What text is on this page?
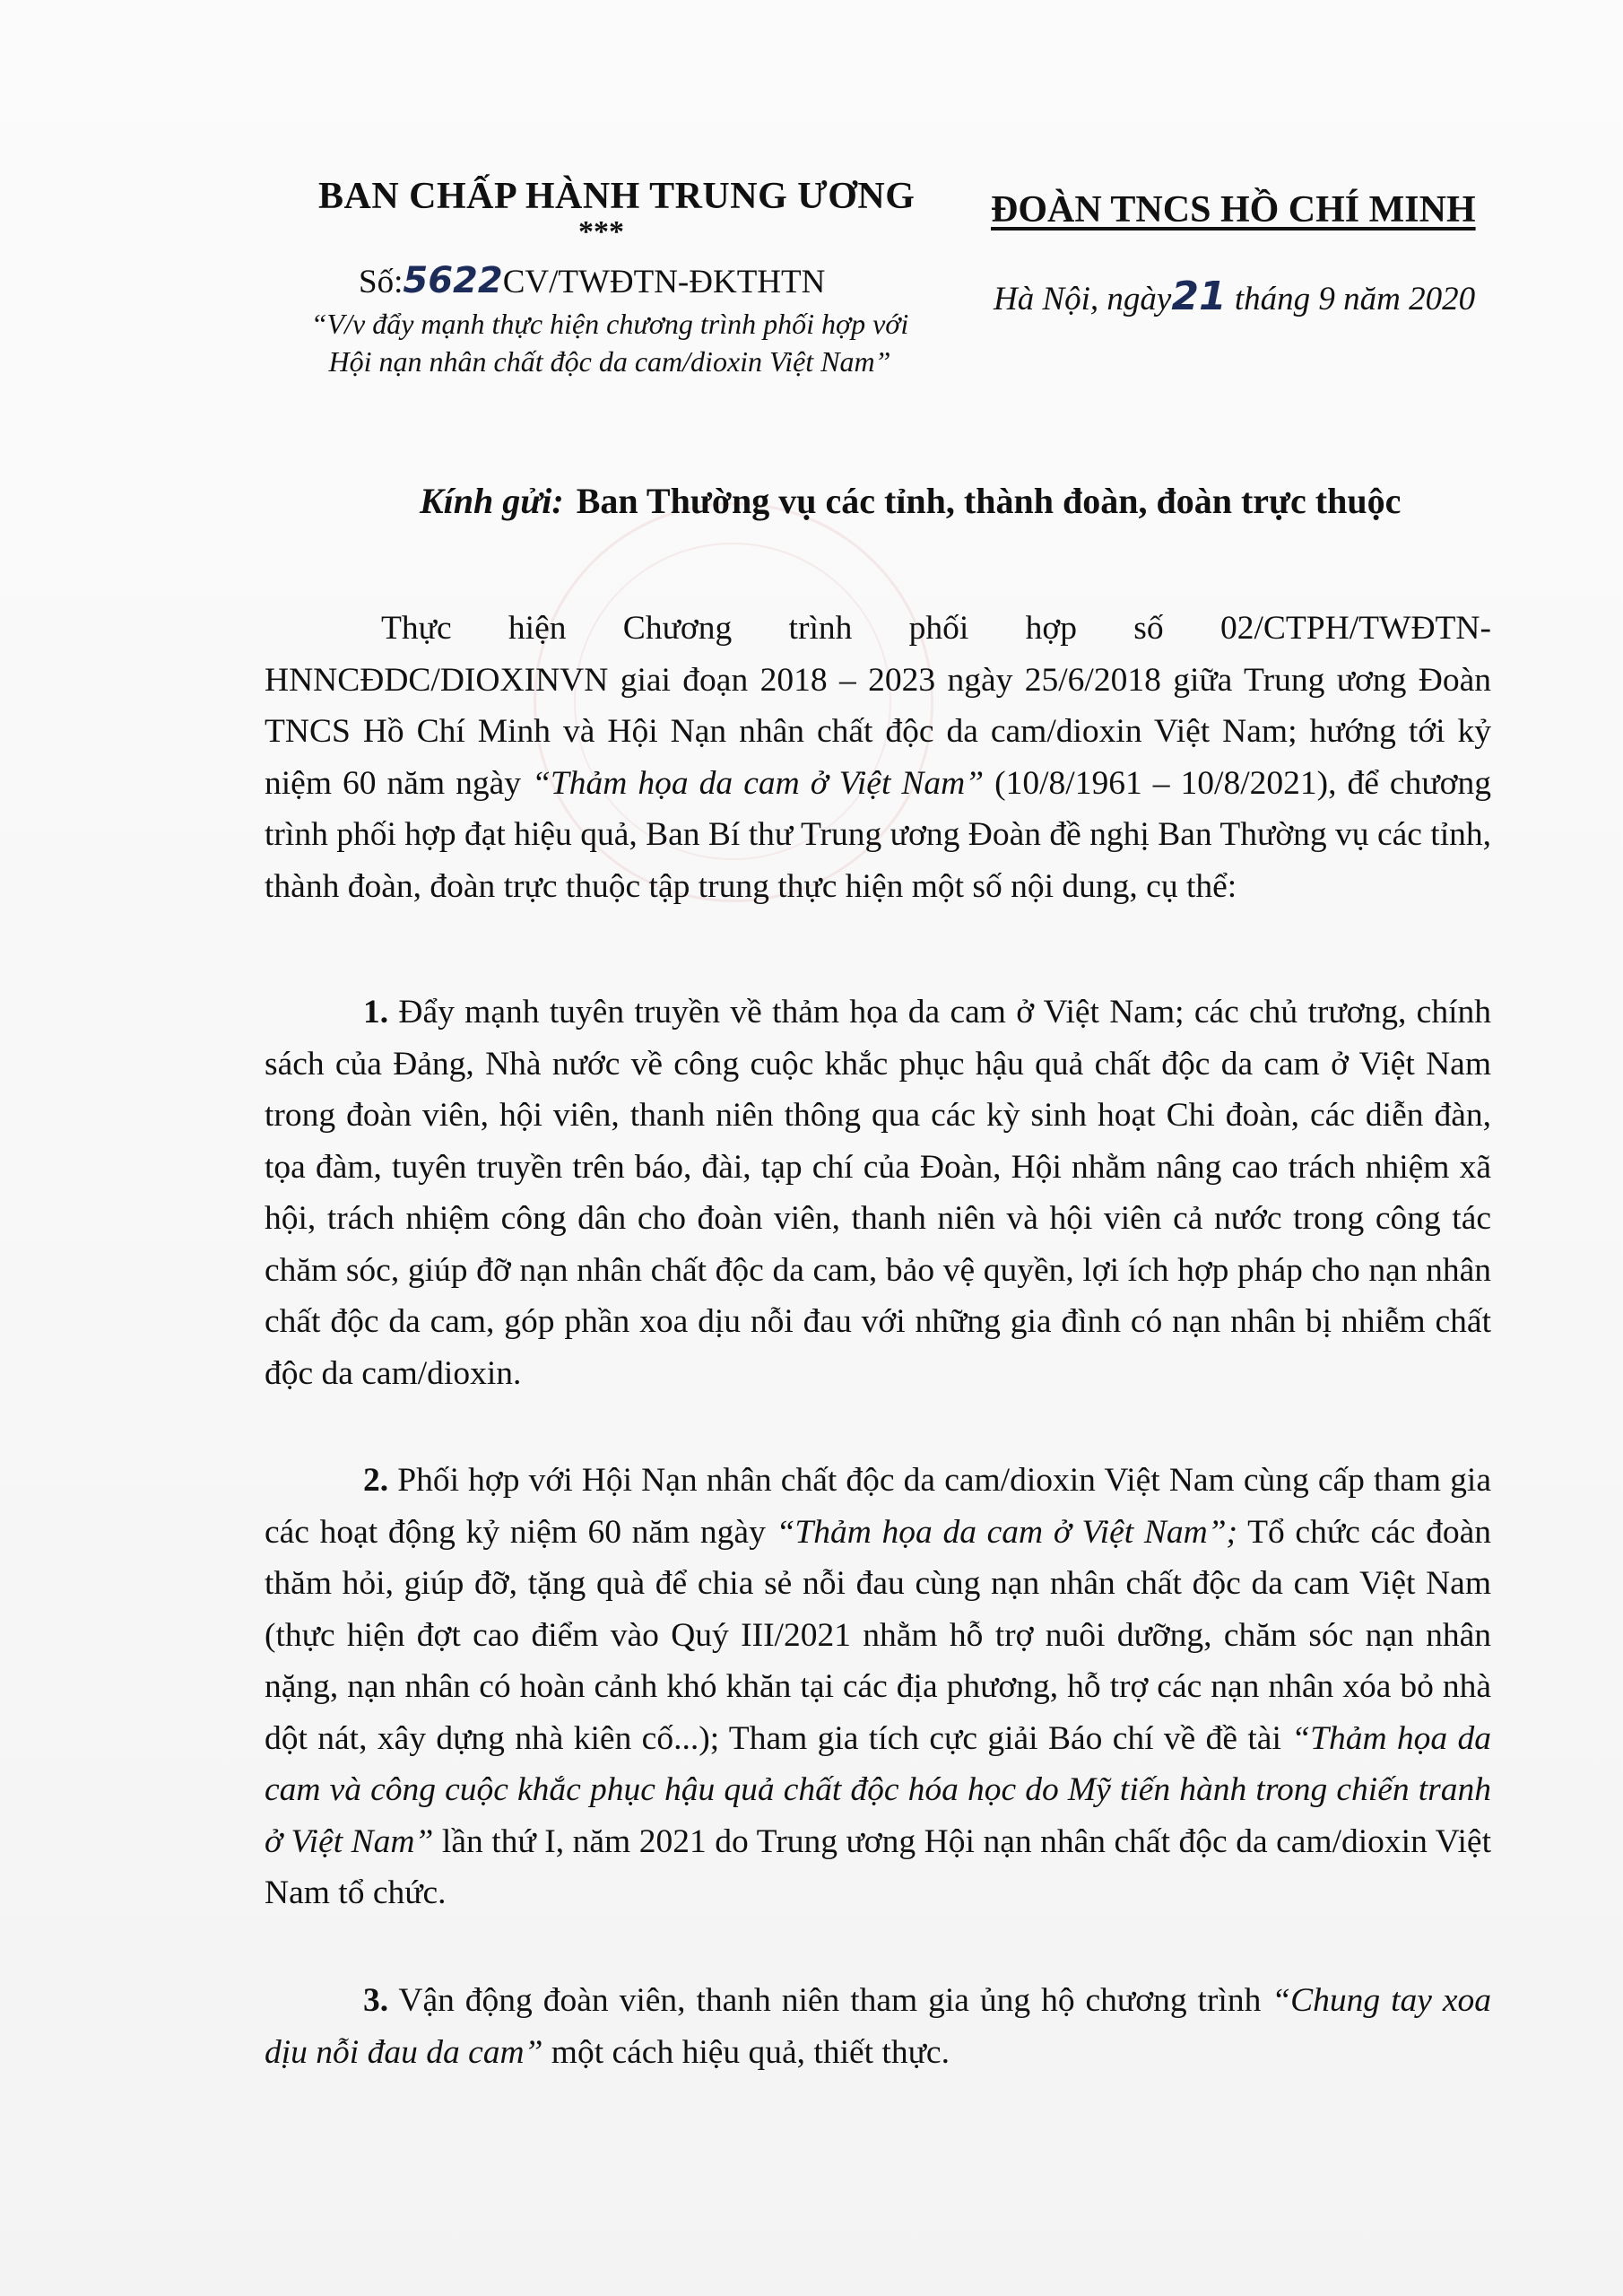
BAN CHẤP HÀNH TRUNG ƯƠNG
***
ĐOÀN TNCS HỒ CHÍ MINH
Số:5622CV/TWĐTN-ĐKTHTN	Hà Nội, ngày21 tháng 9 năm 2020
“V/v đẩy mạnh thực hiện chương trình phối hợp với
Hội nạn nhân chất độc da cam/dioxin Việt Nam”
Kính gửi: Ban Thường vụ các tỉnh, thành đoàn, đoàn trực thuộc

Thực hiện Chương trình phối hợp số 02/CTPH/TWĐTN-HNNCĐDC/DIOXINVN giai đoạn 2018 – 2023 ngày 25/6/2018 giữa Trung ương Đoàn TNCS Hồ Chí Minh và Hội Nạn nhân chất độc da cam/dioxin Việt Nam; hướng tới kỷ niệm 60 năm ngày “Thảm họa da cam ở Việt Nam” (10/8/1961 – 10/8/2021), để chương trình phối hợp đạt hiệu quả, Ban Bí thư Trung ương Đoàn đề nghị Ban Thường vụ các tỉnh, thành đoàn, đoàn trực thuộc tập trung thực hiện một số nội dung, cụ thể:

1. Đẩy mạnh tuyên truyền về thảm họa da cam ở Việt Nam; các chủ trương, chính sách của Đảng, Nhà nước về công cuộc khắc phục hậu quả chất độc da cam ở Việt Nam trong đoàn viên, hội viên, thanh niên thông qua các kỳ sinh hoạt Chi đoàn, các diễn đàn, tọa đàm, tuyên truyền trên báo, đài, tạp chí của Đoàn, Hội nhằm nâng cao trách nhiệm xã hội, trách nhiệm công dân cho đoàn viên, thanh niên và hội viên cả nước trong công tác chăm sóc, giúp đỡ nạn nhân chất độc da cam, bảo vệ quyền, lợi ích hợp pháp cho nạn nhân chất độc da cam, góp phần xoa dịu nỗi đau với những gia đình có nạn nhân bị nhiễm chất độc da cam/dioxin.

2. Phối hợp với Hội Nạn nhân chất độc da cam/dioxin Việt Nam cùng cấp tham gia các hoạt động kỷ niệm 60 năm ngày “Thảm họa da cam ở Việt Nam”; Tổ chức các đoàn thăm hỏi, giúp đỡ, tặng quà để chia sẻ nỗi đau cùng nạn nhân chất độc da cam Việt Nam (thực hiện đợt cao điểm vào Quý III/2021 nhằm hỗ trợ nuôi dưỡng, chăm sóc nạn nhân nặng, nạn nhân có hoàn cảnh khó khăn tại các địa phương, hỗ trợ các nạn nhân xóa bỏ nhà dột nát, xây dựng nhà kiên cố...); Tham gia tích cực giải Báo chí về đề tài “Thảm họa da cam và công cuộc khắc phục hậu quả chất độc hóa học do Mỹ tiến hành trong chiến tranh ở Việt Nam” lần thứ I, năm 2021 do Trung ương Hội nạn nhân chất độc da cam/dioxin Việt Nam tổ chức.

3. Vận động đoàn viên, thanh niên tham gia ủng hộ chương trình “Chung tay xoa dịu nỗi đau da cam” một cách hiệu quả, thiết thực.
